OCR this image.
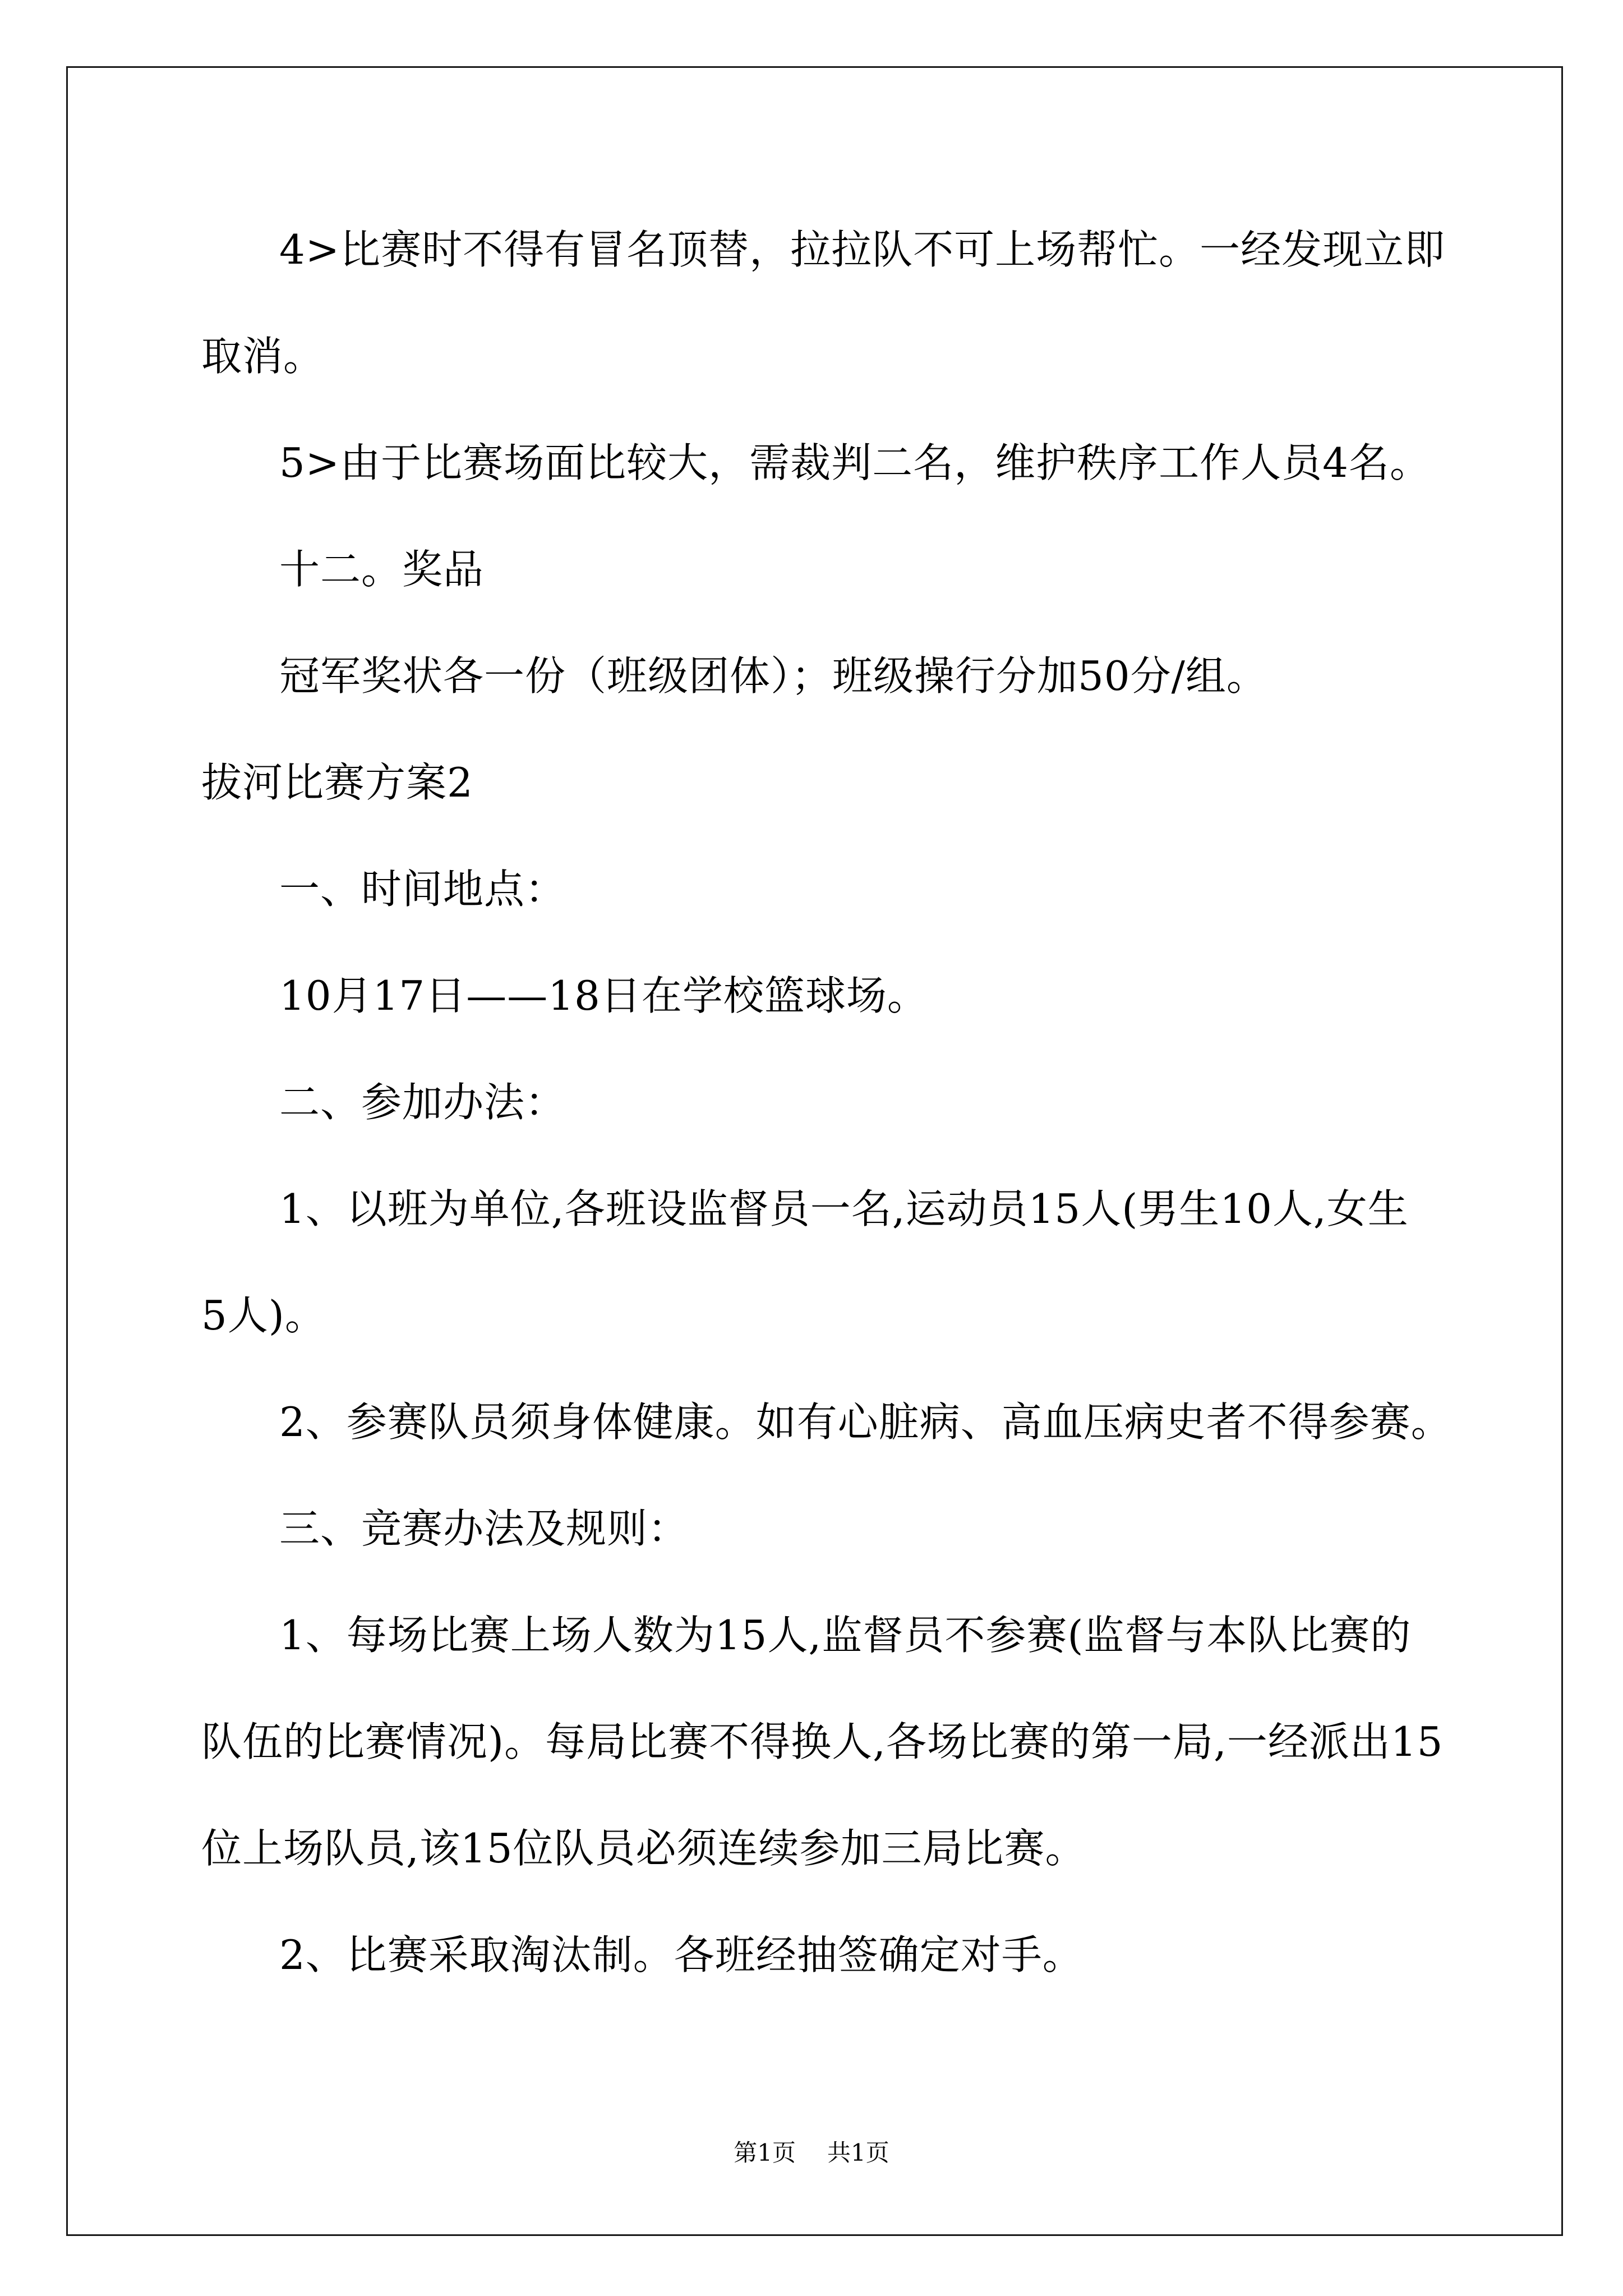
4>比赛时不得有冒名顶替，拉拉队不可上场帮忙。一经发现立即
取消。
5>由于比赛场面比较大，需裁判二名，维护秩序工作人员4名。
十二。奖品
冠军奖状各一份（班级团体）；班级操行分加50分/组。
拔河比赛方案2
一、时间地点：
10月17日——18日在学校篮球场。
二、参加办法：
1、以班为单位,各班设监督员一名,运动员15人(男生10人,女生
5人)。
2、参赛队员须身体健康。如有心脏病、高血压病史者不得参赛。
三、竞赛办法及规则：
1、每场比赛上场人数为15人,监督员不参赛(监督与本队比赛的
队伍的比赛情况)。每局比赛不得换人,各场比赛的第一局,一经派出15
位上场队员,该15位队员必须连续参加三局比赛。
2、比赛采取淘汰制。各班经抽签确定对手。
第1页 共1页
